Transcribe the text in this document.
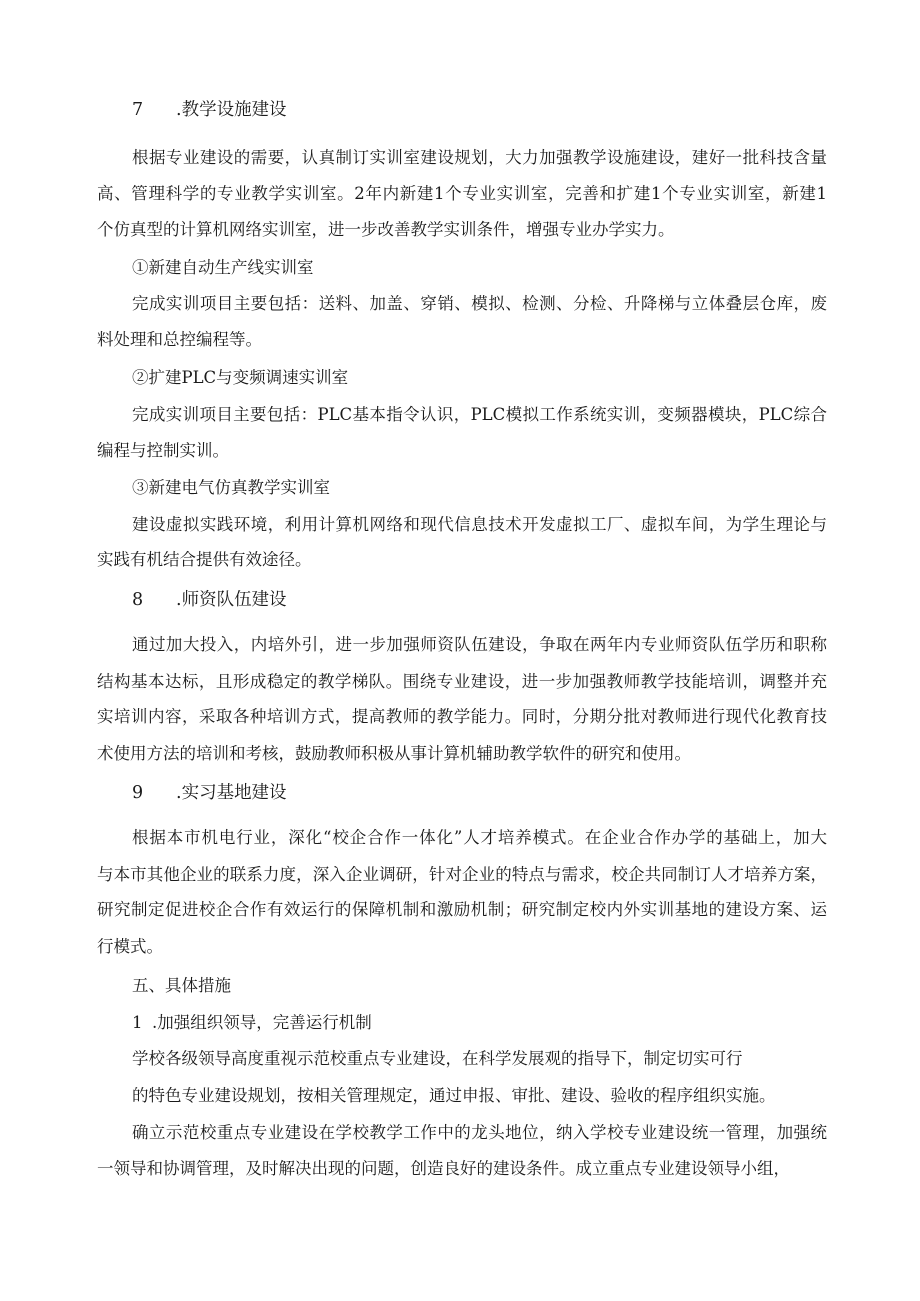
7 .教学设施建设
根据专业建设的需要，认真制订实训室建设规划，大力加强教学设施建设，建好一批科技含量
高、管理科学的专业教学实训室。2年内新建1个专业实训室，完善和扩建1个专业实训室，新建1
个仿真型的计算机网络实训室，进一步改善教学实训条件，增强专业办学实力。
①新建自动生产线实训室
完成实训项目主要包括：送料、加盖、穿销、模拟、检测、分检、升降梯与立体叠层仓库，废
料处理和总控编程等。
②扩建PLC与变频调速实训室
完成实训项目主要包括：PLC基本指令认识，PLC模拟工作系统实训，变频器模块，PLC综合
编程与控制实训。
③新建电气仿真教学实训室
建设虚拟实践环境，利用计算机网络和现代信息技术开发虚拟工厂、虚拟车间，为学生理论与
实践有机结合提供有效途径。
8 .师资队伍建设
通过加大投入，内培外引，进一步加强师资队伍建设，争取在两年内专业师资队伍学历和职称
结构基本达标，且形成稳定的教学梯队。围绕专业建设，进一步加强教师教学技能培训，调整并充
实培训内容，采取各种培训方式，提高教师的教学能力。同时，分期分批对教师进行现代化教育技
术使用方法的培训和考核，鼓励教师积极从事计算机辅助教学软件的研究和使用。
9 .实习基地建设
根据本市机电行业，深化“校企合作一体化”人才培养模式。在企业合作办学的基础上，加大
与本市其他企业的联系力度，深入企业调研，针对企业的特点与需求，校企共同制订人才培养方案，
研究制定促进校企合作有效运行的保障机制和激励机制；研究制定校内外实训基地的建设方案、运
行模式。
五、具体措施
1 .加强组织领导，完善运行机制
学校各级领导高度重视示范校重点专业建设，在科学发展观的指导下，制定切实可行
的特色专业建设规划，按相关管理规定，通过申报、审批、建设、验收的程序组织实施。
确立示范校重点专业建设在学校教学工作中的龙头地位，纳入学校专业建设统一管理，加强统
一领导和协调管理，及时解决出现的问题，创造良好的建设条件。成立重点专业建设领导小组，
